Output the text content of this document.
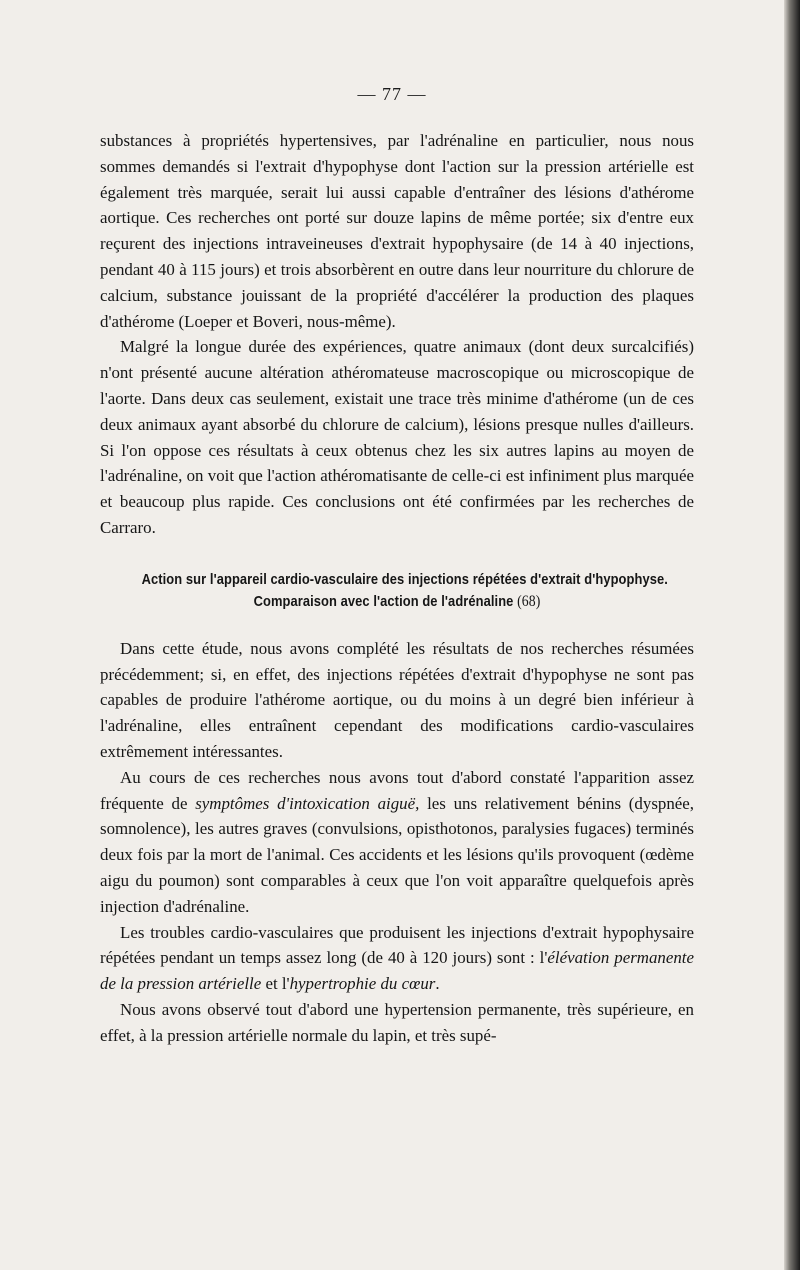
— 77 —

substances à propriétés hypertensives, par l'adrénaline en particulier, nous nous sommes demandés si l'extrait d'hypophyse dont l'action sur la pression artérielle est également très marquée, serait lui aussi capable d'entraîner des lésions d'athérome aortique. Ces recherches ont porté sur douze lapins de même portée; six d'entre eux reçurent des injections intraveineuses d'extrait hypophysaire (de 14 à 40 injections, pendant 40 à 115 jours) et trois absorbèrent en outre dans leur nourriture du chlorure de calcium, substance jouissant de la propriété d'accélérer la production des plaques d'athérome (Loeper et Boveri, nous-même).

Malgré la longue durée des expériences, quatre animaux (dont deux surcalcifiés) n'ont présenté aucune altération athéromateuse macroscopique ou microscopique de l'aorte. Dans deux cas seulement, existait une trace très minime d'athérome (un de ces deux animaux ayant absorbé du chlorure de calcium), lésions presque nulles d'ailleurs. Si l'on oppose ces résultats à ceux obtenus chez les six autres lapins au moyen de l'adrénaline, on voit que l'action athéromatisante de celle-ci est infiniment plus marquée et beaucoup plus rapide. Ces conclusions ont été confirmées par les recherches de Carraro.

Action sur l'appareil cardio-vasculaire des injections répétées d'extrait d'hypophyse.
Comparaison avec l'action de l'adrénaline (68)

Dans cette étude, nous avons complété les résultats de nos recherches résumées précédemment; si, en effet, des injections répétées d'extrait d'hypophyse ne sont pas capables de produire l'athérome aortique, ou du moins à un degré bien inférieur à l'adrénaline, elles entraînent cependant des modifications cardio-vasculaires extrêmement intéressantes.

Au cours de ces recherches nous avons tout d'abord constaté l'apparition assez fréquente de symptômes d'intoxication aiguë, les uns relativement bénins (dyspnée, somnolence), les autres graves (convulsions, opisthotonos, paralysies fugaces) terminés deux fois par la mort de l'animal. Ces accidents et les lésions qu'ils provoquent (œdème aigu du poumon) sont comparables à ceux que l'on voit apparaître quelquefois après injection d'adrénaline.

Les troubles cardio-vasculaires que produisent les injections d'extrait hypophysaire répétées pendant un temps assez long (de 40 à 120 jours) sont : l'élévation permanente de la pression artérielle et l'hypertrophie du cœur.

Nous avons observé tout d'abord une hypertension permanente, très supérieure, en effet, à la pression artérielle normale du lapin, et très supé-
